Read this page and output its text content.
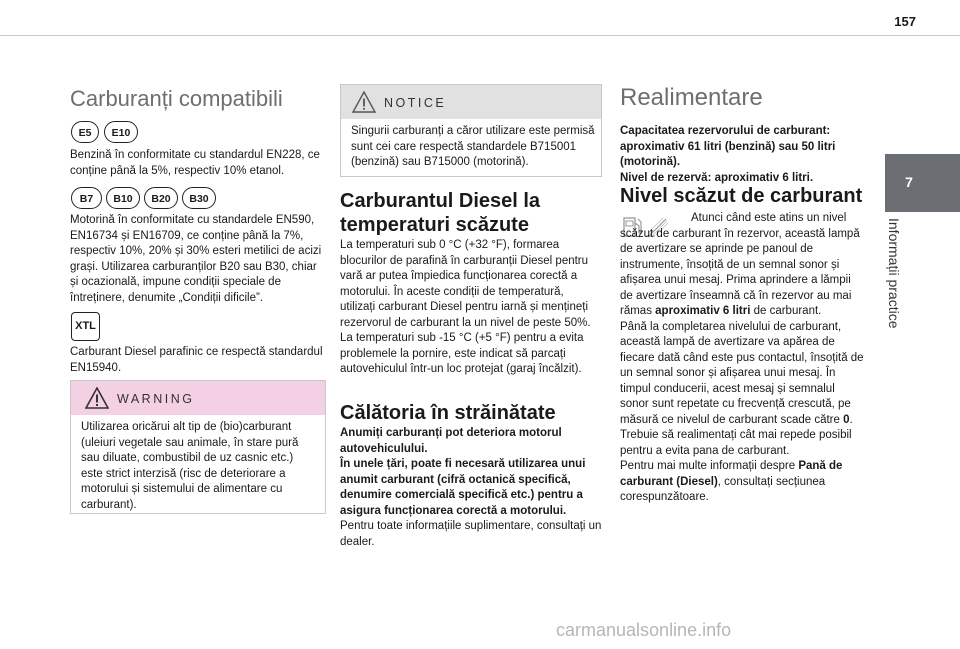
157
7
Informații practice
Carburanți compatibili
E5	E10
Benzină în conformitate cu standardul EN228, ce conține până la 5%, respectiv 10% etanol.
B7	B10	B20	B30
Motorină în conformitate cu standardele EN590, EN16734 și EN16709, ce conține până la 7%, respectiv 10%, 20% și 30% esteri metilici de acizi grași. Utilizarea carburanților B20 sau B30, chiar și ocazională, impune condiții speciale de întreținere, denumite „Condiții dificile”.
XTL
Carburant Diesel parafinic ce respectă standardul EN15940.
WARNING
Utilizarea oricărui alt tip de (bio)carburant (uleiuri vegetale sau animale, în stare pură sau diluate, combustibil de uz casnic etc.) este strict interzisă (risc de deteriorare a motorului și sistemului de alimentare cu carburant).
NOTICE
Singurii carburanți a căror utilizare este permisă sunt cei care respectă standardele B715001 (benzină) sau B715000 (motorină).
Carburantul Diesel la temperaturi scăzute
La temperaturi sub 0 °C (+32 °F), formarea blocurilor de parafină în carburanții Diesel pentru vară ar putea împiedica funcționarea corectă a motorului. În aceste condiții de temperatură, utilizați carburant Diesel pentru iarnă și mențineți rezervorul de carburant la un nivel de peste 50%.
La temperaturi sub -15 °C (+5 °F) pentru a evita problemele la pornire, este indicat să parcați autovehiculul într-un loc protejat (garaj încălzit).
Călătoria în străinătate
Anumiți carburanți pot deteriora motorul autovehiculului.
În unele țări, poate fi necesară utilizarea unui anumit carburant (cifră octanică specifică, denumire comercială specifică etc.) pentru a asigura funcționarea corectă a motorului.
Pentru toate informațiile suplimentare, consultați un dealer.
Realimentare
Capacitatea rezervorului de carburant: aproximativ 61 litri (benzină) sau 50 litri (motorină).
Nivel de rezervă: aproximativ 6 litri.
Nivel scăzut de carburant
Atunci când este atins un nivel scăzut de carburant în rezervor, această lampă de avertizare se aprinde pe panoul de instrumente, însoțită de un semnal sonor și afișarea unui mesaj. Prima aprindere a lămpii de avertizare înseamnă că în rezervor au mai rămas aproximativ 6 litri de carburant.
Până la completarea nivelului de carburant, această lampă de avertizare va apărea de fiecare dată când este pus contactul, însoțită de un semnal sonor și afișarea unui mesaj. În timpul conducerii, acest mesaj și semnalul sonor sunt repetate cu frecvență crescută, pe măsură ce nivelul de carburant scade către 0.
Trebuie să realimentați cât mai repede posibil pentru a evita pana de carburant.
Pentru mai multe informații despre Pană de carburant (Diesel), consultați secțiunea corespunzătoare.
carmanualsonline.info
